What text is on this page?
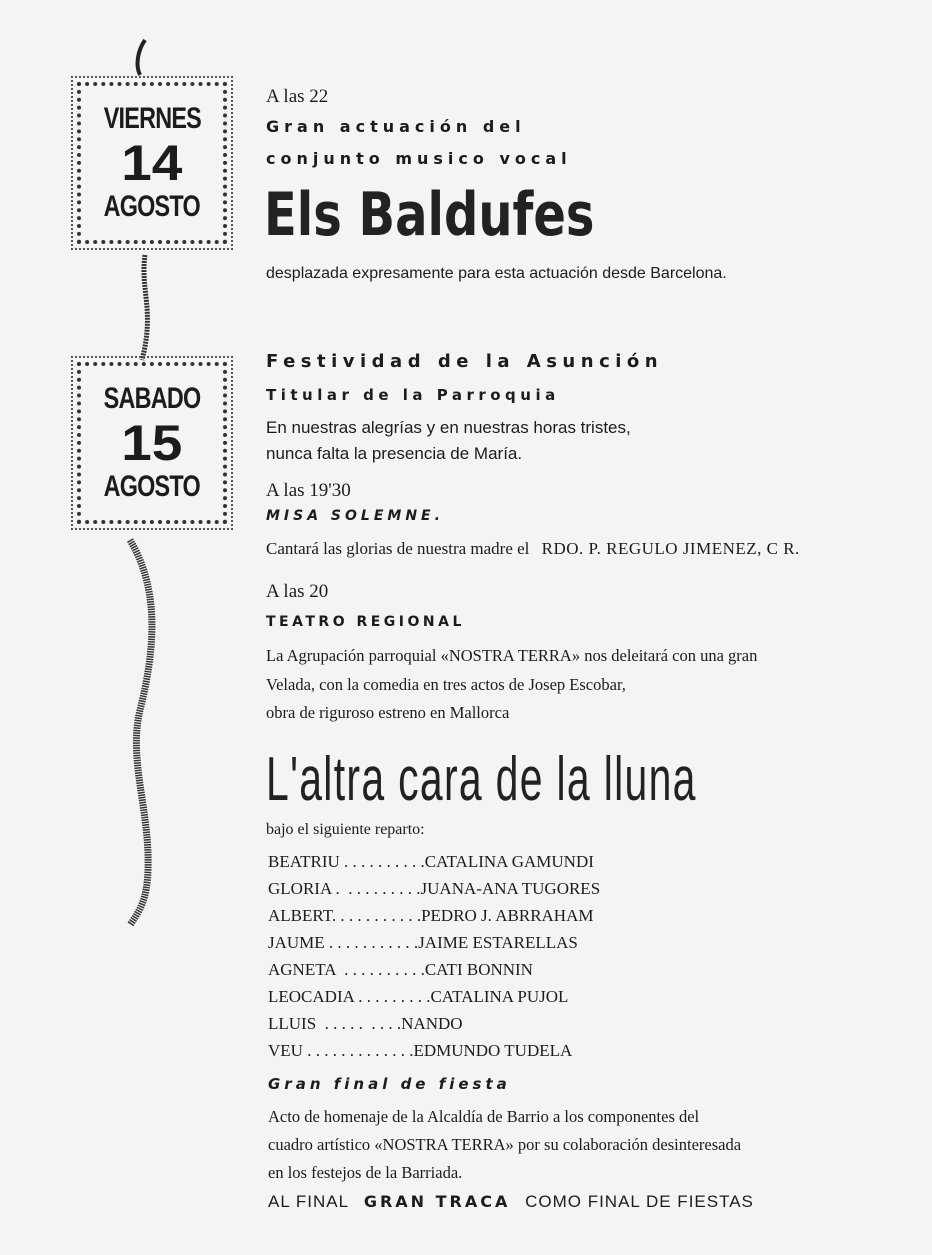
VIERNES
14
AGOSTO
SABADO
15
AGOSTO
A las 22
Gran actuación del
conjunto musico vocal
Els Baldufes
desplazada expresamente para esta actuación desde Barcelona.
Festividad de la Asunción
Titular de la Parroquia
En nuestras alegrías y en nuestras horas tristes,
nunca falta la presencia de María.
A las 19'30
MISA SOLEMNE.
Cantará las glorias de nuestra madre el RDO. P. REGULO JIMENEZ, C R.
A las 20
TEATRO REGIONAL
La Agrupación parroquial «NOSTRA TERRA» nos deleitará con una gran
Velada, con la comedia en tres actos de Josep Escobar,
obra de riguroso estreno en Mallorca
L'altra cara de la lluna
bajo el siguiente reparto:
BEATRIU . . . . . . . . . .CATALINA GAMUNDI
GLORIA .  . . . . . . . . .JUANA-ANA TUGORES
ALBERT. . . . . . . . . . .PEDRO J. ABRRAHAM
JAUME . . . . . . . . . . .JAIME ESTARELLAS
AGNETA  . . . . . . . . . .CATI BONNIN
LEOCADIA . . . . . . . . .CATALINA PUJOL
LLUIS  . . . . .  . . . .NANDO
VEU . . . . . . . . . . . . .EDMUNDO TUDELA
Gran final de fiesta
Acto de homenaje de la Alcaldía de Barrio a los componentes del
cuadro artístico «NOSTRA TERRA» por su colaboración desinteresada
en los festejos de la Barriada.
AL FINAL GRAN TRACA COMO FINAL DE FIESTAS
